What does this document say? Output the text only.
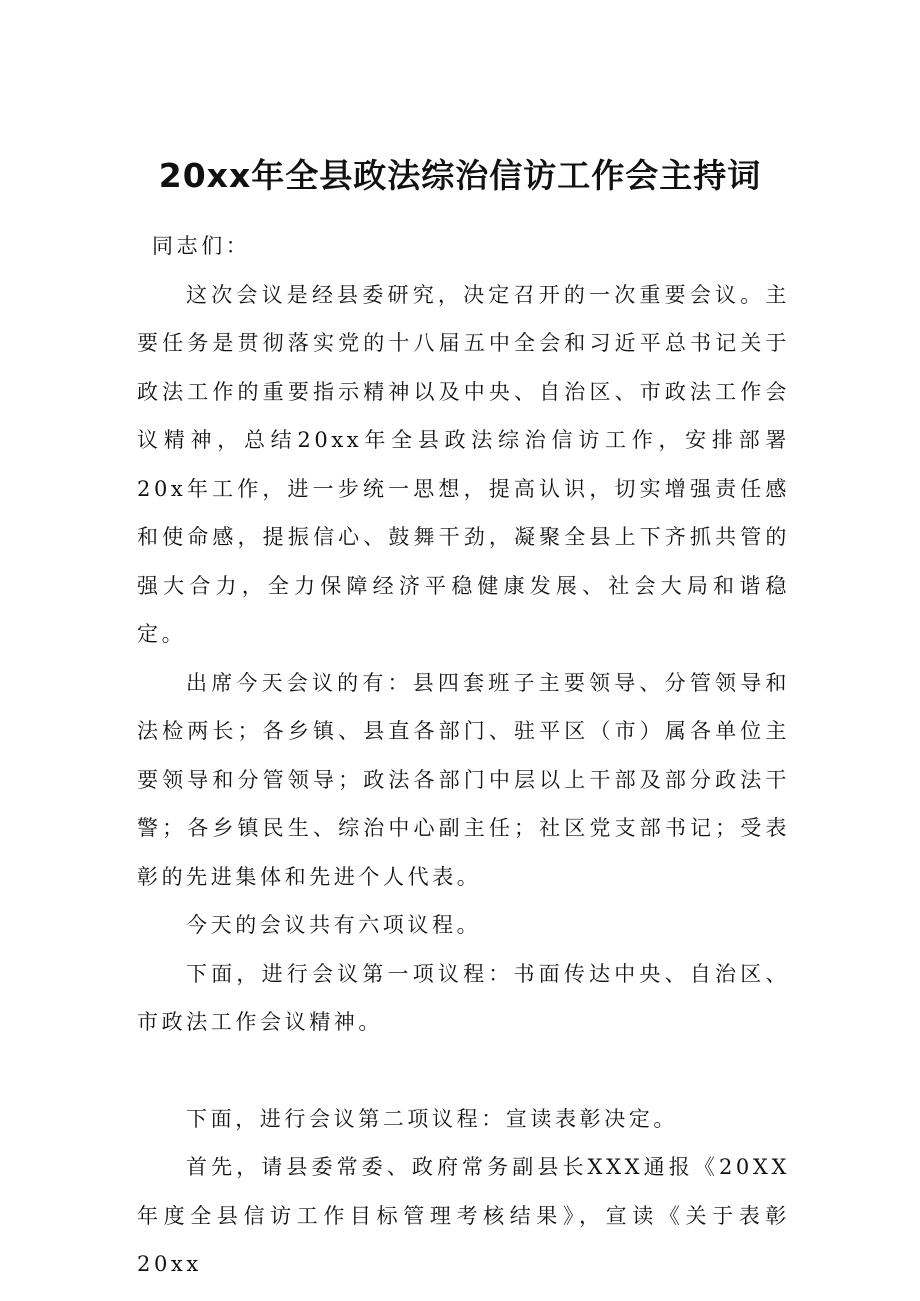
20xx年全县政法综治信访工作会主持词

同志们：

这次会议是经县委研究，决定召开的一次重要会议。主要任务是贯彻落实党的十八届五中全会和习近平总书记关于政法工作的重要指示精神以及中央、自治区、市政法工作会议精神，总结20xx年全县政法综治信访工作，安排部署20x年工作，进一步统一思想，提高认识，切实增强责任感和使命感，提振信心、鼓舞干劲，凝聚全县上下齐抓共管的强大合力，全力保障经济平稳健康发展、社会大局和谐稳定。

出席今天会议的有：县四套班子主要领导、分管领导和法检两长；各乡镇、县直各部门、驻平区（市）属各单位主要领导和分管领导；政法各部门中层以上干部及部分政法干警；各乡镇民生、综治中心副主任；社区党支部书记；受表彰的先进集体和先进个人代表。

今天的会议共有六项议程。

下面，进行会议第一项议程：书面传达中央、自治区、市政法工作会议精神。

下面，进行会议第二项议程：宣读表彰决定。

首先，请县委常委、政府常务副县长XXX通报《20XX年度全县信访工作目标管理考核结果》，宣读《关于表彰20xx
